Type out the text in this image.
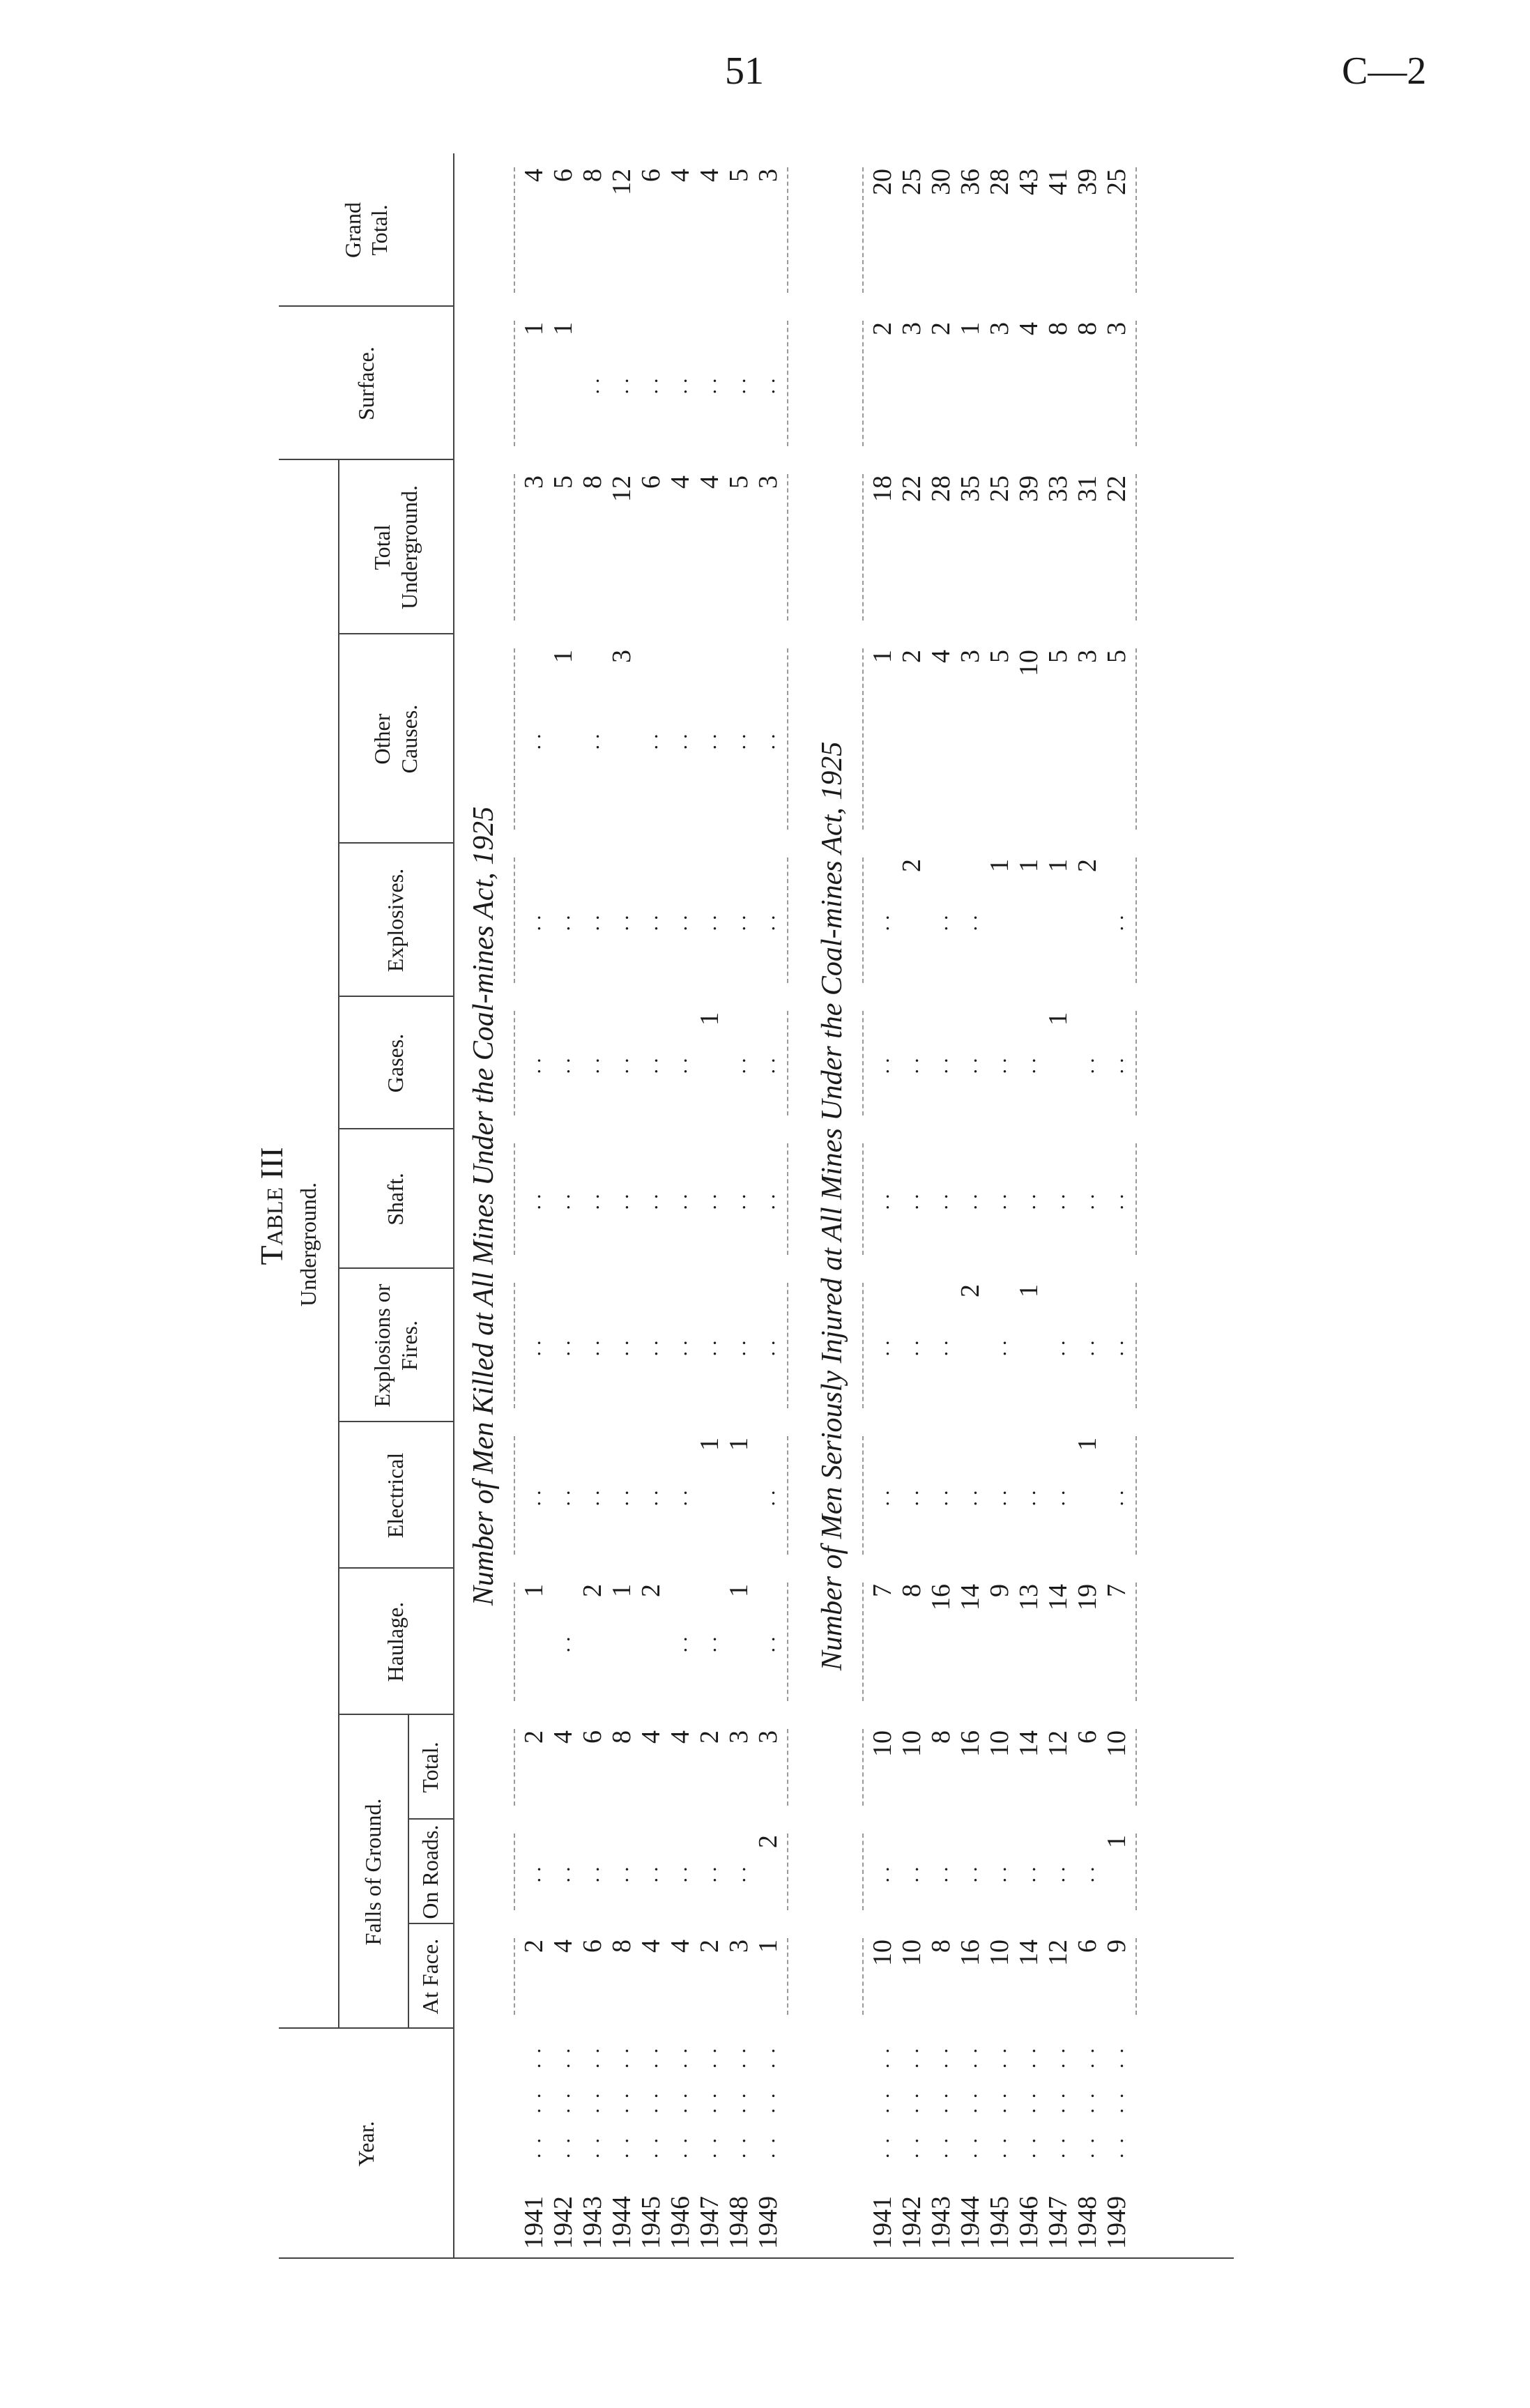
51	C—2
Table III
Year.
Underground.
Falls of Ground.
At Face.
On Roads.
Total.
Haulage.
Electrical
Explosions or Fires.
Shaft.
Gases.
Explosives.
Other Causes.
Total Underground.
Surface.
Grand Total.
Number of Men Killed at All Mines Under the Coal-mines Act, 1925
1941
.. .. ..
2
..
2
1
..
..
..
..
..
..
3
1
4
1942
.. .. ..
4
..
4
..
..
..
..
..
..
1
5
1
6
1943
.. .. ..
6
..
6
2
..
..
..
..
..
..
8
..
8
1944
.. .. ..
8
..
8
1
..
..
..
..
..
3
12
..
12
1945
.. .. ..
4
..
4
2
..
..
..
..
..
..
6
..
6
1946
.. .. ..
4
..
4
..
..
..
..
..
..
..
4
..
4
1947
.. .. ..
2
..
2
..
1
..
..
1
..
..
4
..
4
1948
.. .. ..
3
..
3
1
1
..
..
..
..
..
5
..
5
1949
.. .. ..
1
2
3
..
..
..
..
..
..
..
3
..
3
Number of Men Seriously Injured at All Mines Under the Coal-mines Act, 1925
1941
.. .. ..
10
..
10
7
..
..
..
..
..
1
18
2
20
1942
.. .. ..
10
..
10
8
..
..
..
..
2
2
22
3
25
1943
.. .. ..
8
..
8
16
..
..
..
..
..
4
28
2
30
1944
.. .. ..
16
..
16
14
..
2
..
..
..
3
35
1
36
1945
.. .. ..
10
..
10
9
..
..
..
..
1
5
25
3
28
1946
.. .. ..
14
..
14
13
..
1
..
..
1
10
39
4
43
1947
.. .. ..
12
..
12
14
..
..
..
1
1
5
33
8
41
1948
.. .. ..
6
..
6
19
1
..
..
..
2
3
31
8
39
1949
.. .. ..
9
1
10
7
..
..
..
..
..
5
22
3
25
